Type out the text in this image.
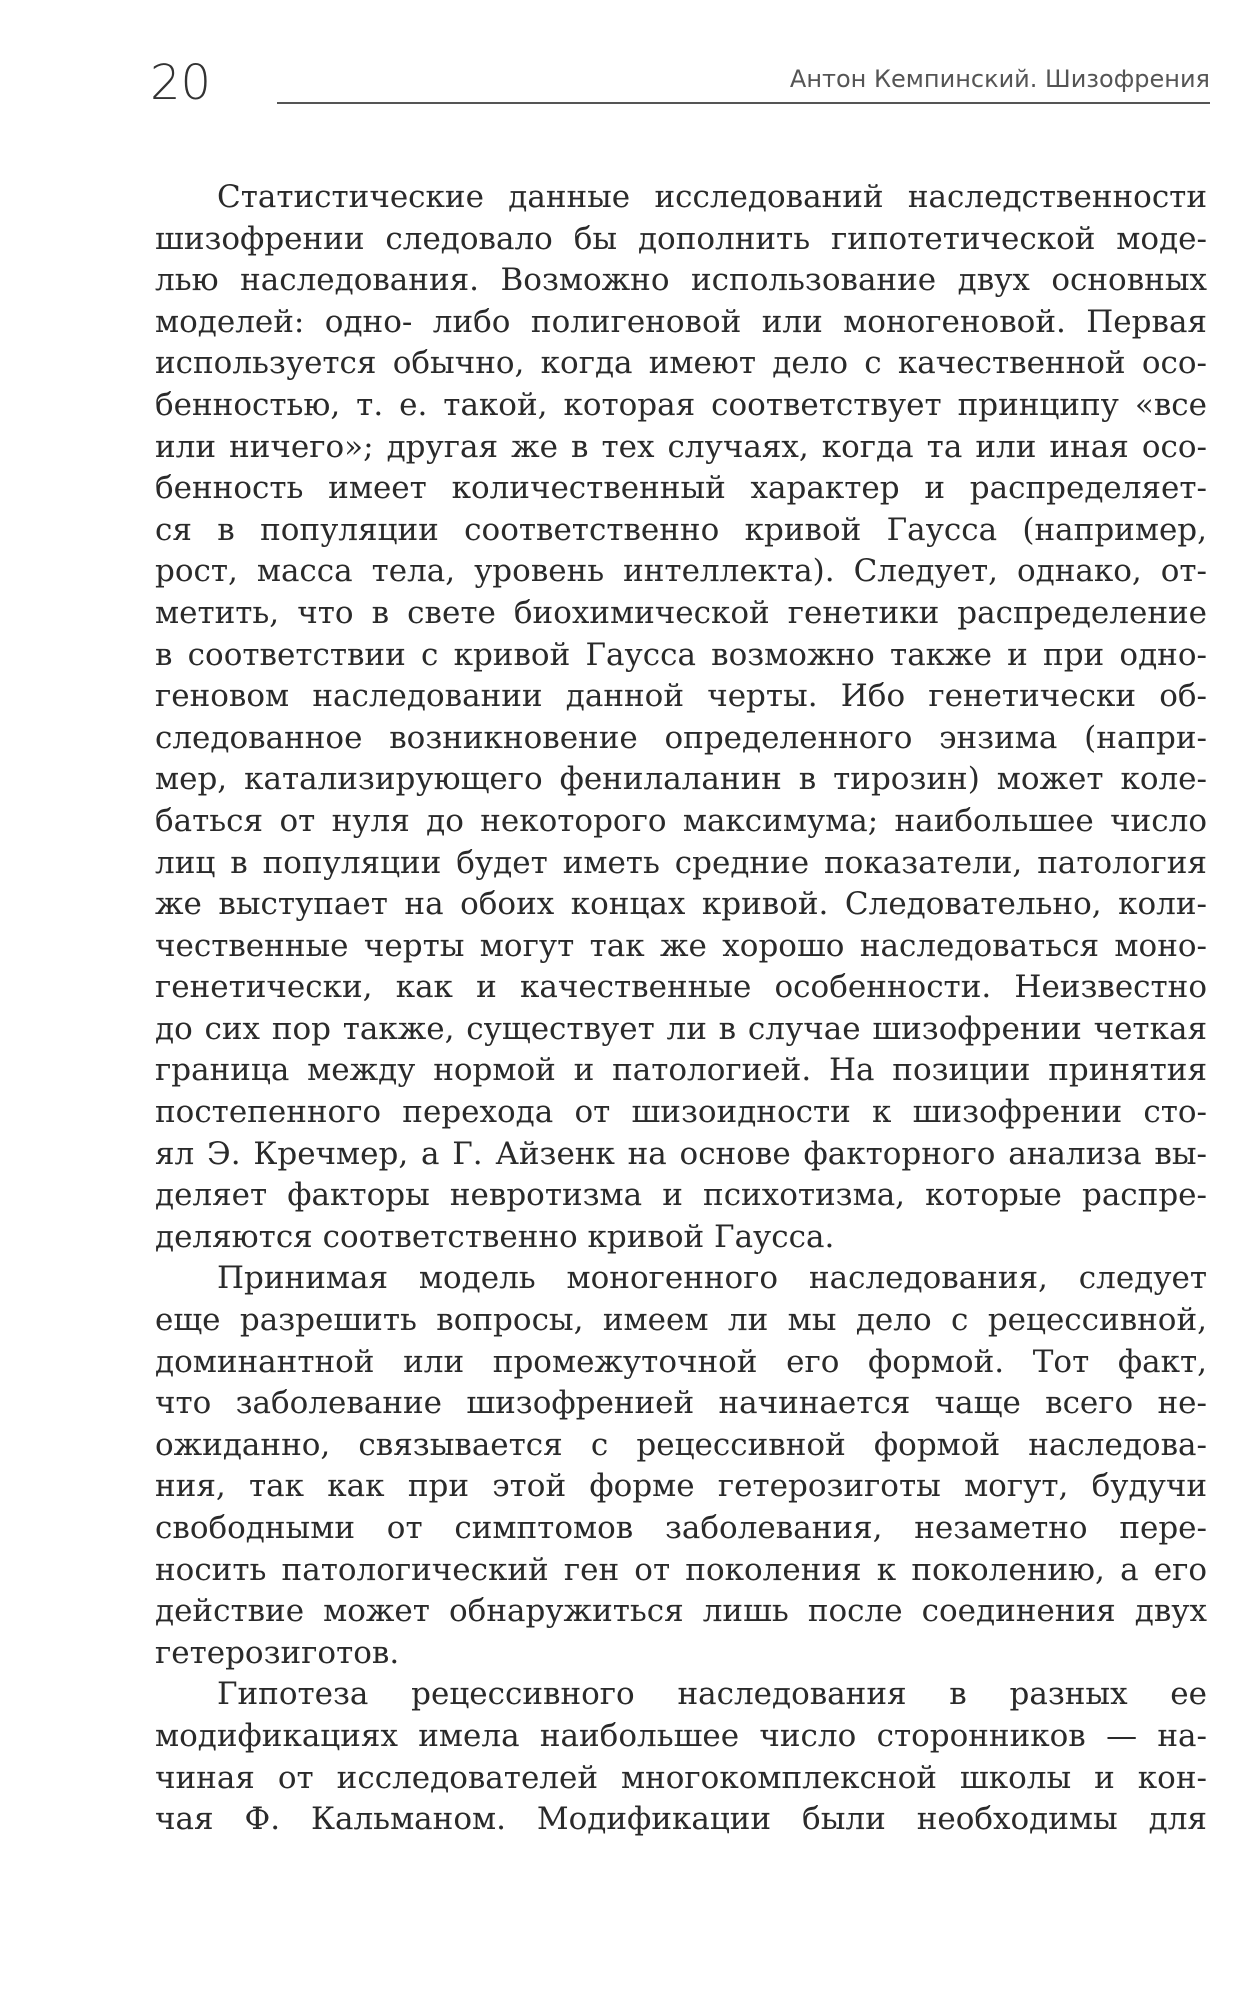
20	Антон Кемпинский. Шизофрения

Статистические данные исследований наследственности
шизофрении следовало бы дополнить гипотетической моде-
лью наследования. Возможно использование двух основных
моделей: одно- либо полигеновой или моногеновой. Первая
используется обычно, когда имеют дело с качественной осо-
бенностью, т. е. такой, которая соответствует принципу «все
или ничего»; другая же в тех случаях, когда та или иная осо-
бенность имеет количественный характер и распределяет-
ся в популяции соответственно кривой Гаусса (например,
рост, масса тела, уровень интеллекта). Следует, однако, от-
метить, что в свете биохимической генетики распределение
в соответствии с кривой Гаусса возможно также и при одно-
геновом наследовании данной черты. Ибо генетически об-
следованное возникновение определенного энзима (напри-
мер, катализирующего фенилаланин в тирозин) может коле-
баться от нуля до некоторого максимума; наибольшее число
лиц в популяции будет иметь средние показатели, патология
же выступает на обоих концах кривой. Следовательно, коли-
чественные черты могут так же хорошо наследоваться моно-
генетически, как и качественные особенности. Неизвестно
до сих пор также, существует ли в случае шизофрении четкая
граница между нормой и патологией. На позиции принятия
постепенного перехода от шизоидности к шизофрении сто-
ял Э. Кречмер, а Г. Айзенк на основе факторного анализа вы-
деляет факторы невротизма и психотизма, которые распре-
деляются соответственно кривой Гаусса.

Принимая модель моногенного наследования, следует
еще разрешить вопросы, имеем ли мы дело с рецессивной,
доминантной или промежуточной его формой. Тот факт,
что заболевание шизофренией начинается чаще всего не-
ожиданно, связывается с рецессивной формой наследова-
ния, так как при этой форме гетерозиготы могут, будучи
свободными от симптомов заболевания, незаметно пере-
носить патологический ген от поколения к поколению, а его
действие может обнаружиться лишь после соединения двух
гетерозиготов.

Гипотеза рецессивного наследования в разных ее
модификациях имела наибольшее число сторонников — на-
чиная от исследователей многокомплексной школы и кон-
чая Ф. Кальманом. Модификации были необходимы для
